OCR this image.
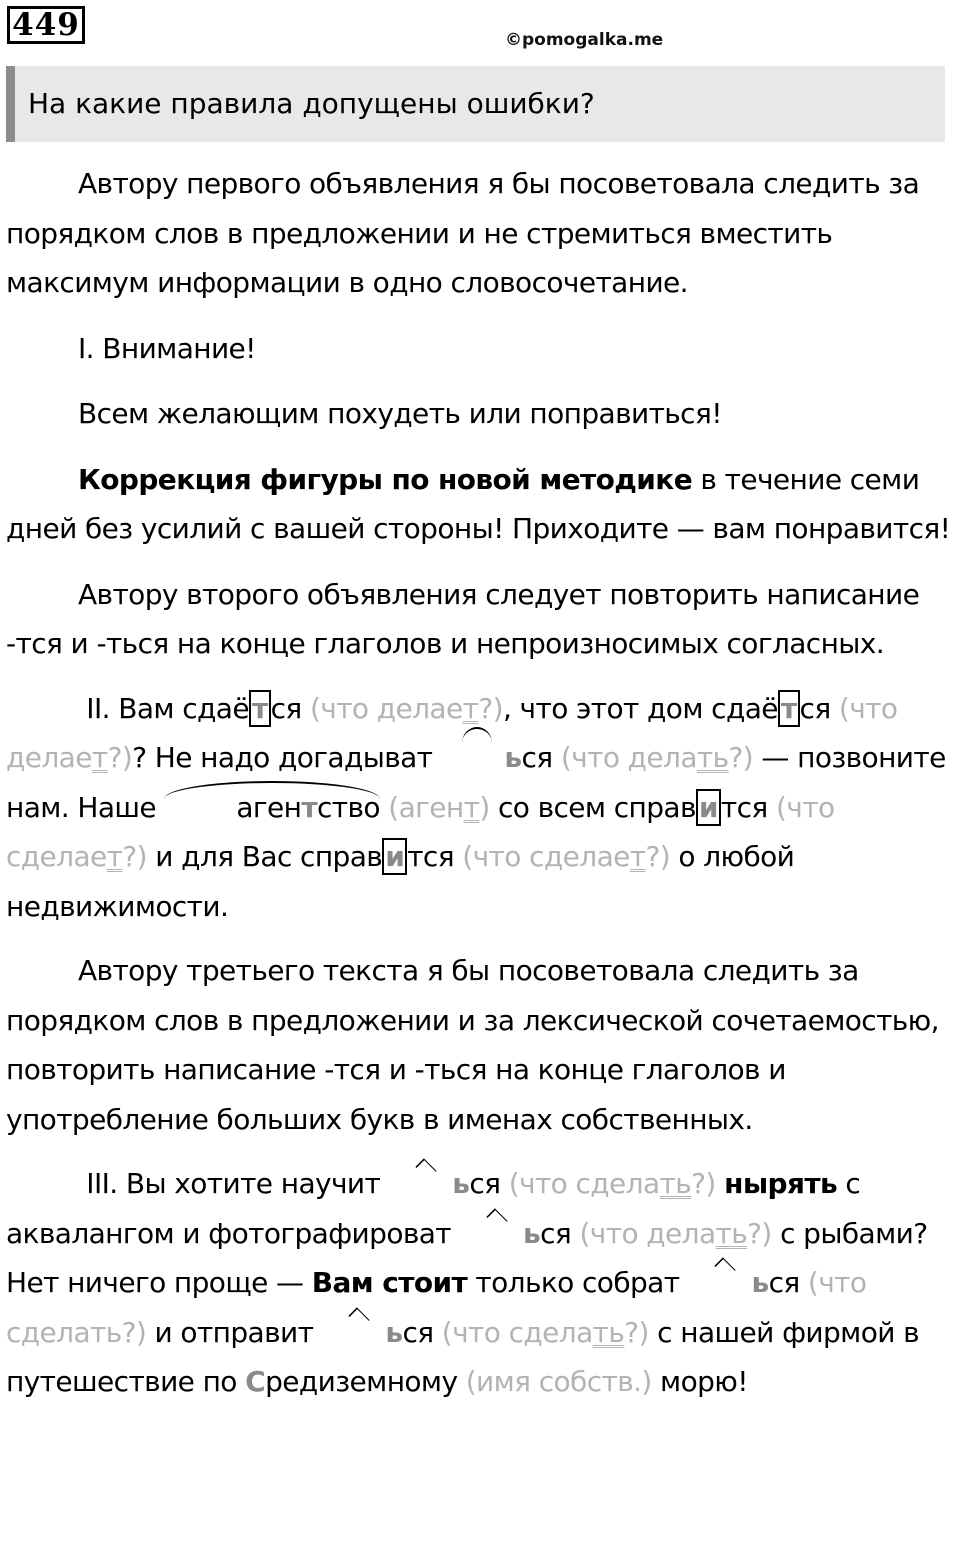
449	©pomogalka.me
На какие правила допущены ошибки?

Автору первого объявления я бы посоветовала следить за порядком слов в предложении и не стремиться вместить максимум информации в одно словосочетание.

I. Внимание!

Всем желающим похудеть или поправиться!

Коррекция фигуры по новой методике в течение семи дней без усилий с вашей стороны! Приходите — вам понравится!

Автору второго объявления следует повторить написание -тся и -ться на конце глаголов и непроизносимых согласных.

II. Вам сдаё т ся (что делает?), что этот дом сдаё т ся (что делает?)? Не надо догадыват	ься (что делать?) — позвоните нам. Наше	агентство (агент) со всем справ и тся (что сделает?) и для Вас справ и тся (что сделает?) о любой недвижимости.

Автору третьего текста я бы посоветовала следить за порядком слов в предложении и за лексической сочетаемостью, повторить написание -тся и -ться на конце глаголов и употребление больших букв в именах собственных.

III. Вы хотите научит	ься (что сделать?) нырять с аквалангом и фотографироват	ься (что делать?) с рыбами? Нет ничего проще — Вам стоит только собрат	ься (что сделать?) и отправит	ься (что сделать?) с нашей фирмой в путешествие по Средиземному (имя собств.) морю!
